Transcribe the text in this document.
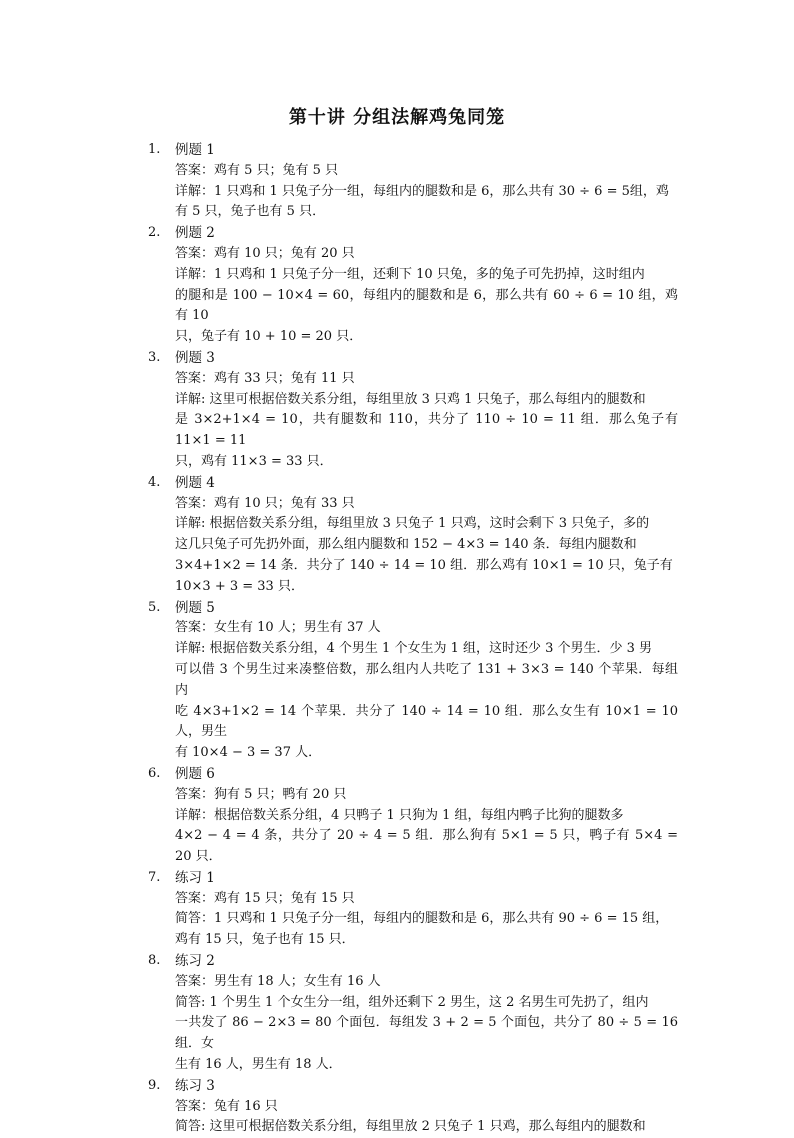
第十讲 分组法解鸡兔同笼
1. 例题 1
答案：鸡有 5 只；兔有 5 只
详解：1 只鸡和 1 只兔子分一组，每组内的腿数和是 6，那么共有 30 ÷ 6 = 5组，鸡
有 5 只，兔子也有 5 只．
2. 例题 2
答案：鸡有 10 只；兔有 20 只
详解：1 只鸡和 1 只兔子分一组，还剩下 10 只兔，多的兔子可先扔掉，这时组内
的腿和是 100 − 10×4 = 60，每组内的腿数和是 6，那么共有 60 ÷ 6 = 10 组，鸡有 10
只，兔子有 10 + 10 = 20 只．
3. 例题 3
答案：鸡有 33 只；兔有 11 只
详解: 这里可根据倍数关系分组，每组里放 3 只鸡 1 只兔子，那么每组内的腿数和
是 3×2+1×4 = 10，共有腿数和 110，共分了 110 ÷ 10 = 11 组．那么兔子有 11×1 = 11
只，鸡有 11×3 = 33 只．
4. 例题 4
答案：鸡有 10 只；兔有 33 只
详解: 根据倍数关系分组，每组里放 3 只兔子 1 只鸡，这时会剩下 3 只兔子，多的
这几只兔子可先扔外面，那么组内腿数和 152 − 4×3 = 140 条．每组内腿数和
3×4+1×2 = 14 条．共分了 140 ÷ 14 = 10 组．那么鸡有 10×1 = 10 只，兔子有
10×3 + 3 = 33 只．
5. 例题 5
答案：女生有 10 人；男生有 37 人
详解: 根据倍数关系分组，4 个男生 1 个女生为 1 组，这时还少 3 个男生．少 3 男
可以借 3 个男生过来凑整倍数，那么组内人共吃了 131 + 3×3 = 140 个苹果．每组内
吃 4×3+1×2 = 14 个苹果．共分了 140 ÷ 14 = 10 组．那么女生有 10×1 = 10 人，男生
有 10×4 − 3 = 37 人．
6. 例题 6
答案：狗有 5 只；鸭有 20 只
详解：根据倍数关系分组，4 只鸭子 1 只狗为 1 组，每组内鸭子比狗的腿数多
4×2 − 4 = 4 条，共分了 20 ÷ 4 = 5 组．那么狗有 5×1 = 5 只，鸭子有 5×4 = 20 只．
7. 练习 1
答案：鸡有 15 只；兔有 15 只
简答：1 只鸡和 1 只兔子分一组，每组内的腿数和是 6，那么共有 90 ÷ 6 = 15 组，
鸡有 15 只，兔子也有 15 只．
8. 练习 2
答案：男生有 18 人；女生有 16 人
简答: 1 个男生 1 个女生分一组，组外还剩下 2 男生，这 2 名男生可先扔了，组内
一共发了 86 − 2×3 = 80 个面包．每组发 3 + 2 = 5 个面包，共分了 80 ÷ 5 = 16 组．女
生有 16 人，男生有 18 人．
9. 练习 3
答案：兔有 16 只
简答: 这里可根据倍数关系分组，每组里放 2 只兔子 1 只鸡，那么每组内的腿数和
